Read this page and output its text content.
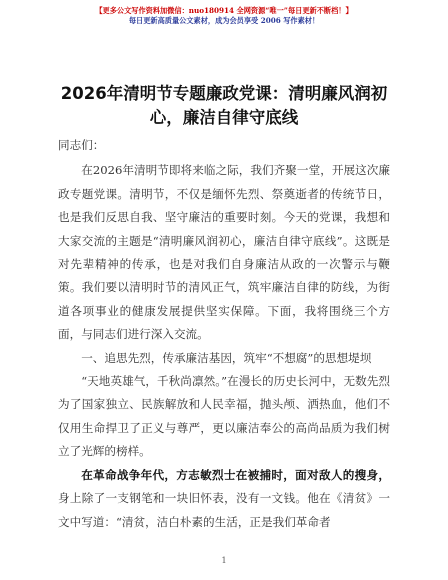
【更多公文写作资料加微信：nuo180914 全网资源“唯一”每日更新不断档！】
每日更新高质量公文素材，成为会员享受 2006 写作素材！
2026年清明节专题廉政党课：清明廉风润初心，廉洁自律守底线

同志们：

在2026年清明节即将来临之际，我们齐聚一堂，开展这次廉政专题党课。清明节，不仅是缅怀先烈、祭奠逝者的传统节日，也是我们反思自我、坚守廉洁的重要时刻。今天的党课，我想和大家交流的主题是“清明廉风润初心，廉洁自律守底线”。这既是对先辈精神的传承，也是对我们自身廉洁从政的一次警示与鞭策。我们要以清明时节的清风正气，筑牢廉洁自律的防线，为街道各项事业的健康发展提供坚实保障。下面，我将围绕三个方面，与同志们进行深入交流。

一、追思先烈，传承廉洁基因，筑牢“不想腐”的思想堤坝

“天地英雄气，千秋尚凛然。”在漫长的历史长河中，无数先烈为了国家独立、民族解放和人民幸福，抛头颅、洒热血，他们不仅用生命捍卫了正义与尊严，更以廉洁奉公的高尚品质为我们树立了光辉的榜样。

在革命战争年代，方志敏烈士在被捕时，面对敌人的搜身，身上除了一支钢笔和一块旧怀表，没有一文钱。他在《清贫》一文中写道：“清贫，洁白朴素的生活，正是我们革命者

1
